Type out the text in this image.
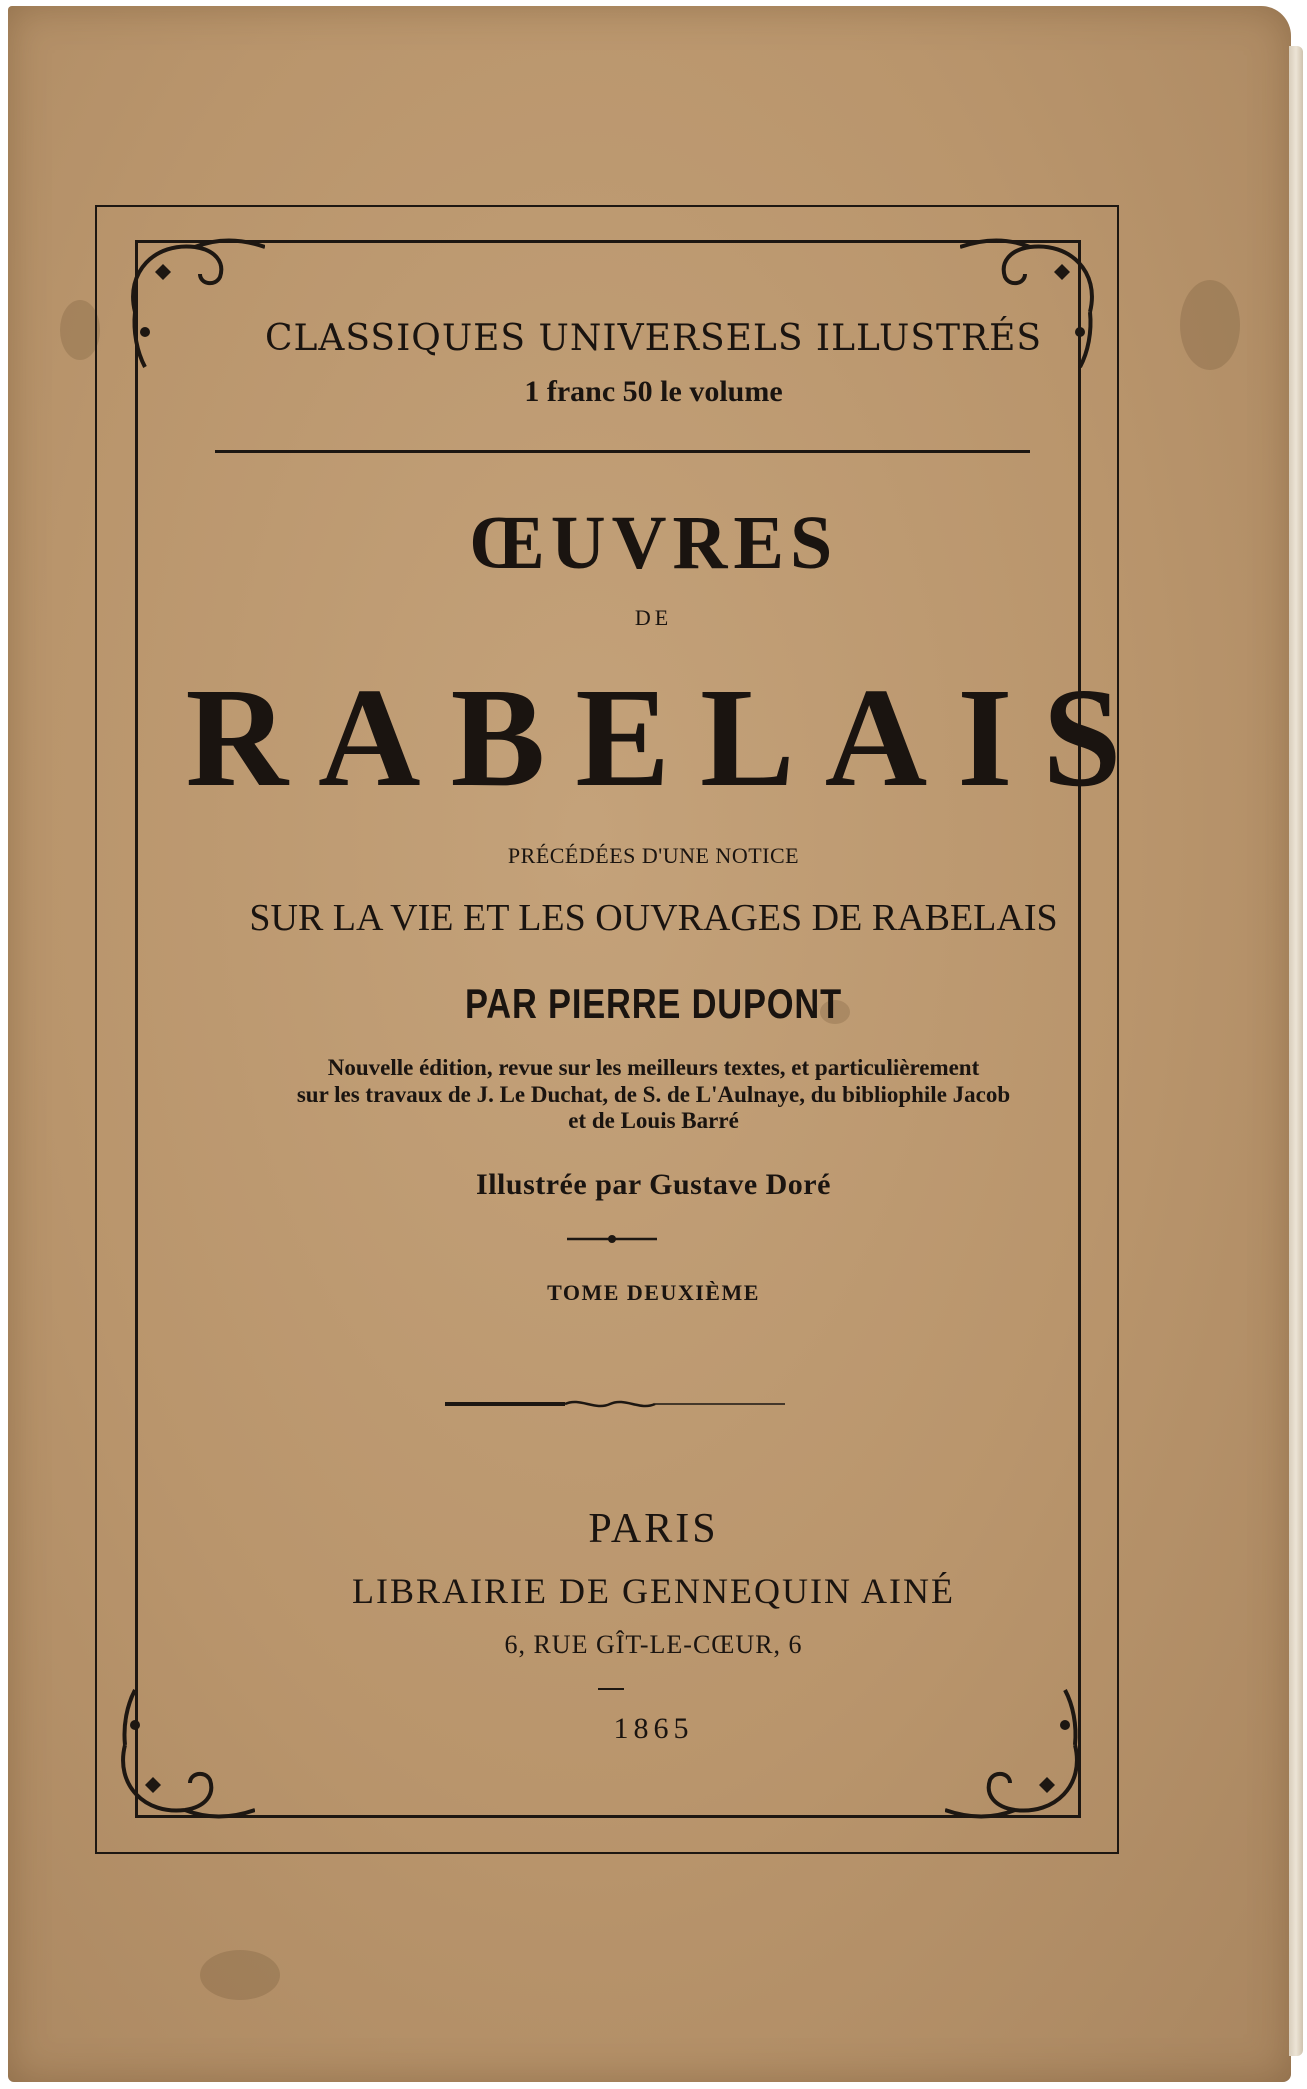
CLASSIQUES UNIVERSELS ILLUSTRÉS
1 franc 50 le volume
ŒUVRES
DE
RABELAIS
PRÉCÉDÉES D'UNE NOTICE
SUR LA VIE ET LES OUVRAGES DE RABELAIS
PAR PIERRE DUPONT
Nouvelle édition, revue sur les meilleurs textes, et particulièrement
sur les travaux de J. Le Duchat, de S. de L'Aulnaye, du bibliophile Jacob
et de Louis Barré
Illustrée par Gustave Doré
TOME DEUXIÈME
PARIS
LIBRAIRIE DE GENNEQUIN AINÉ
6, RUE GÎT-LE-CŒUR, 6
1865
